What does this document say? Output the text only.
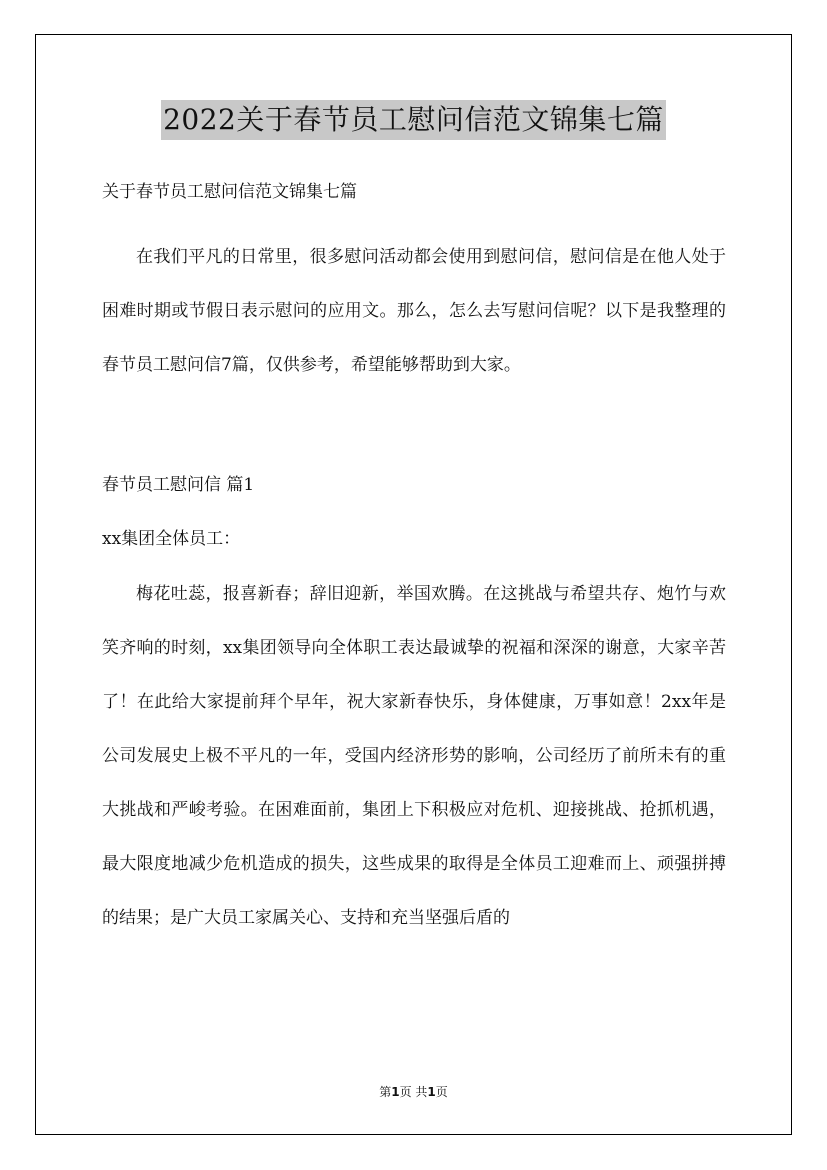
2022关于春节员工慰问信范文锦集七篇
关于春节员工慰问信范文锦集七篇

在我们平凡的日常里，很多慰问活动都会使用到慰问信，慰问信是在他人处于困难时期或节假日表示慰问的应用文。那么，怎么去写慰问信呢？以下是我整理的春节员工慰问信7篇，仅供参考，希望能够帮助到大家。

春节员工慰问信 篇1
xx集团全体员工：

梅花吐蕊，报喜新春；辞旧迎新，举国欢腾。在这挑战与希望共存、炮竹与欢笑齐响的时刻，xx集团领导向全体职工表达最诚挚的祝福和深深的谢意，大家辛苦了！在此给大家提前拜个早年，祝大家新春快乐，身体健康，万事如意！2xx年是公司发展史上极不平凡的一年，受国内经济形势的影响，公司经历了前所未有的重大挑战和严峻考验。在困难面前，集团上下积极应对危机、迎接挑战、抢抓机遇，最大限度地减少危机造成的损失，这些成果的取得是全体员工迎难而上、顽强拼搏的结果；是广大员工家属关心、支持和充当坚强后盾的

第1页 共1页
